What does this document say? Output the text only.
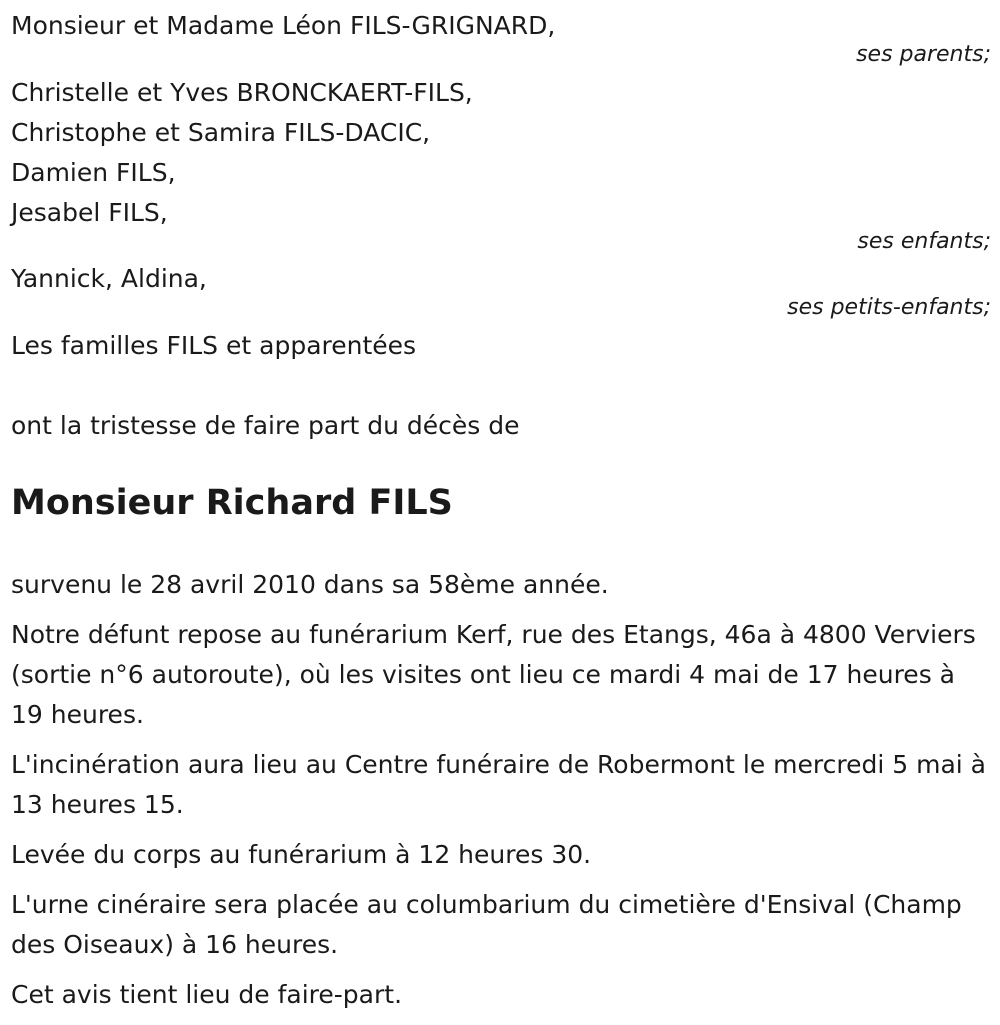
Monsieur et Madame Léon FILS-GRIGNARD,

ses parents;

Christelle et Yves BRONCKAERT-FILS,

Christophe et Samira FILS-DACIC,

Damien FILS,

Jesabel FILS,

ses enfants;

Yannick, Aldina,

ses petits-enfants;

Les familles FILS et apparentées

ont la tristesse de faire part du décès de

Monsieur Richard FILS

survenu le 28 avril 2010 dans sa 58ème année.

Notre défunt repose au funérarium Kerf, rue des Etangs, 46a à 4800 Verviers (sortie n°6 autoroute), où les visites ont lieu ce mardi 4 mai de 17 heures à 19 heures.

L'incinération aura lieu au Centre funéraire de Robermont le mercredi 5 mai à 13 heures 15.

Levée du corps au funérarium à 12 heures 30.

L'urne cinéraire sera placée au columbarium du cimetière d'Ensival (Champ des Oiseaux) à 16 heures.

Cet avis tient lieu de faire-part.
